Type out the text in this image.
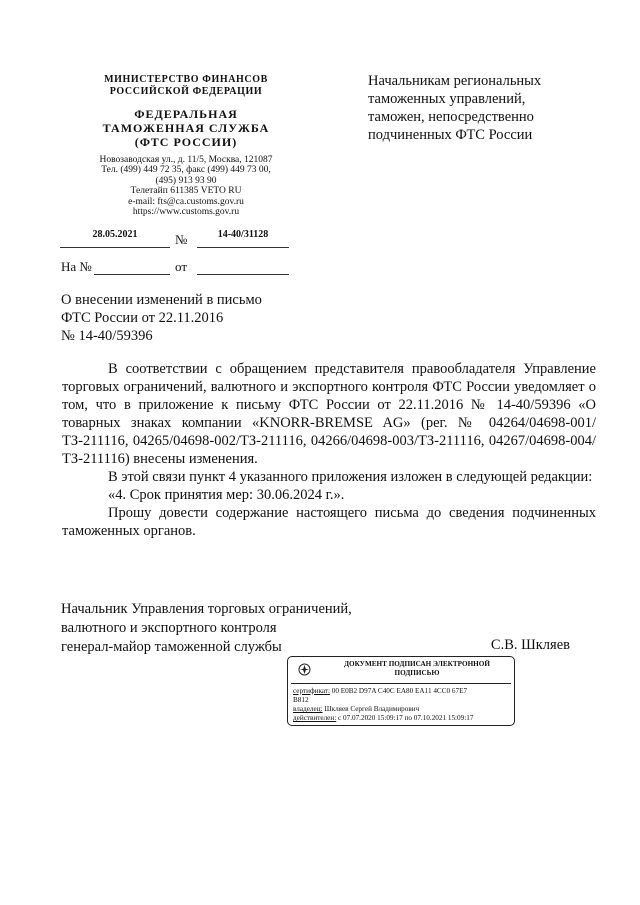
МИНИСТЕРСТВО ФИНАНСОВ
РОССИЙСКОЙ ФЕДЕРАЦИИ
ФЕДЕРАЛЬНАЯ
ТАМОЖЕННАЯ СЛУЖБА
(ФТС РОССИИ)
Новозаводская ул., д. 11/5, Москва, 121087
Тел. (499) 449 72 35, факс (499) 449 73 00,
(495) 913 93 90
Телетайп 611385 VETO RU
e-mail: fts@ca.customs.gov.ru
https://www.customs.gov.ru
Начальникам региональных
таможенных управлений,
таможен, непосредственно
подчиненных ФТС России
28.05.2021	№	14-40/31128
На №	от
О внесении изменений в письмо
ФТС России от 22.11.2016
№ 14-40/59396

В соответствии с обращением представителя правообладателя Управление торговых ограничений, валютного и экспортного контроля ФТС России уведомляет о том, что в приложение к письму ФТС России от 22.11.2016 № 14-40/59396 «О товарных знаках компании «KNORR-BREMSE AG» (рег. № 04264/04698-001/ТЗ-211116, 04265/04698-002/ТЗ-211116, 04266/04698-003/ТЗ-211116, 04267/04698-004/ТЗ-211116) внесены изменения.

В этой связи пункт 4 указанного приложения изложен в следующей редакции:

«4. Срок принятия мер: 30.06.2024 г.».

Прошу довести содержание настоящего письма до сведения подчиненных таможенных органов.

Начальник Управления торговых ограничений,
валютного и экспортного контроля
генерал-майор таможенной службы	С.В. Шкляев
ДОКУМЕНТ ПОДПИСАН ЭЛЕКТРОННОЙ
ПОДПИСЬЮ
сертификат: 00 E0B2 D97A C40C EA80 EA11 4CC0 67E7
B812
владелец: Шкляев Сергей Владимирович
действителен: с 07.07.2020 15:09:17 по 07.10.2021 15:09:17
